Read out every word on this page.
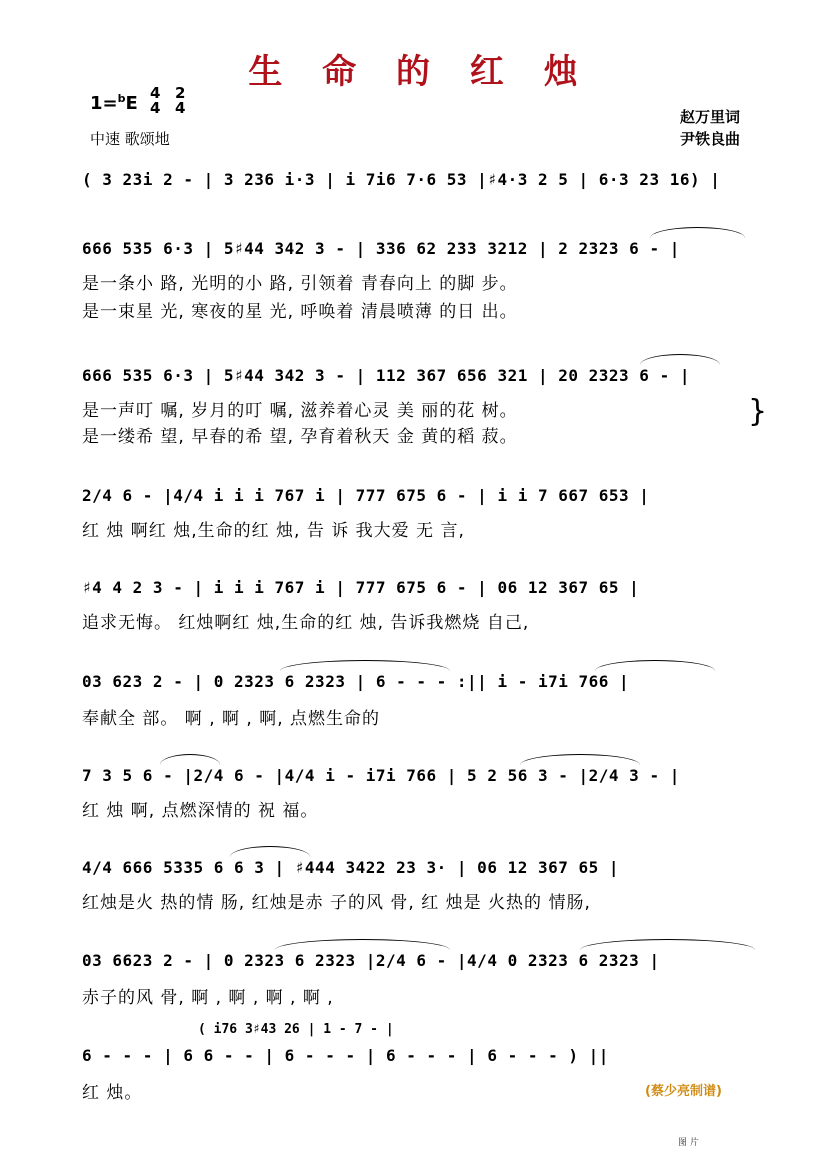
生 命 的 红 烛
1=$^b$E 4
4
2
4
中速 歌颂地
赵万里词
尹铁良曲
( 3 23i 2 - | 3 236 i·3 | i 7i6 7·6 53 |♯4·3 2 5 | 6·3 23 16) |
666 535 6·3 | 5♯44 342 3 - | 336 62 233 3212 | 2 2323 6 - |
是一条小 路, 光明的小 路, 引领着 青春向上 的脚 步。
是一束星 光, 寒夜的星 光, 呼唤着 清晨喷薄 的日 出。
666 535 6·3 | 5♯44 342 3 - | 112 367 656 321 | 20 2323 6 - |
是一声叮 嘱, 岁月的叮 嘱, 滋养着心灵 美 丽的花 树。
是一缕希 望, 早春的希 望, 孕育着秋天 金 黄的稻 菽。
}
2/4 6 - |4/4 i i i 767 i | 777 675 6 - | i i 7 667 653 |
红 烛 啊红 烛,生命的红 烛, 告 诉 我大爱 无 言,
♯4 4 2 3 - | i i i 767 i | 777 675 6 - | 06 12 367 65 |
追求无悔。 红烛啊红 烛,生命的红 烛, 告诉我燃烧 自己,
03 623 2 - | 0 2323 6 2323 | 6 - - - :|| i - i7i 766 |
奉献全 部。 啊 , 啊 , 啊, 点燃生命的
7 3 5 6 - |2/4 6 - |4/4 i - i7i 766 | 5 2 56 3 - |2/4 3 - |
红 烛 啊, 点燃深情的 祝 福。
4/4 666 5335 6 6 3 | ♯444 3422 23 3· | 06 12 367 65 |
红烛是火 热的情 肠, 红烛是赤 子的风 骨, 红 烛是 火热的 情肠,
03 6623 2 - | 0 2323 6 2323 |2/4 6 - |4/4 0 2323 6 2323 |
赤子的风 骨, 啊 , 啊 , 啊 , 啊 ,
( i76 3♯43 26 | 1 - 7 - |
6 - - - | 6 6 - - | 6 - - - | 6 - - - | 6 - - - ) ||
红 烛。	(蔡少亮制谱)
图 片
